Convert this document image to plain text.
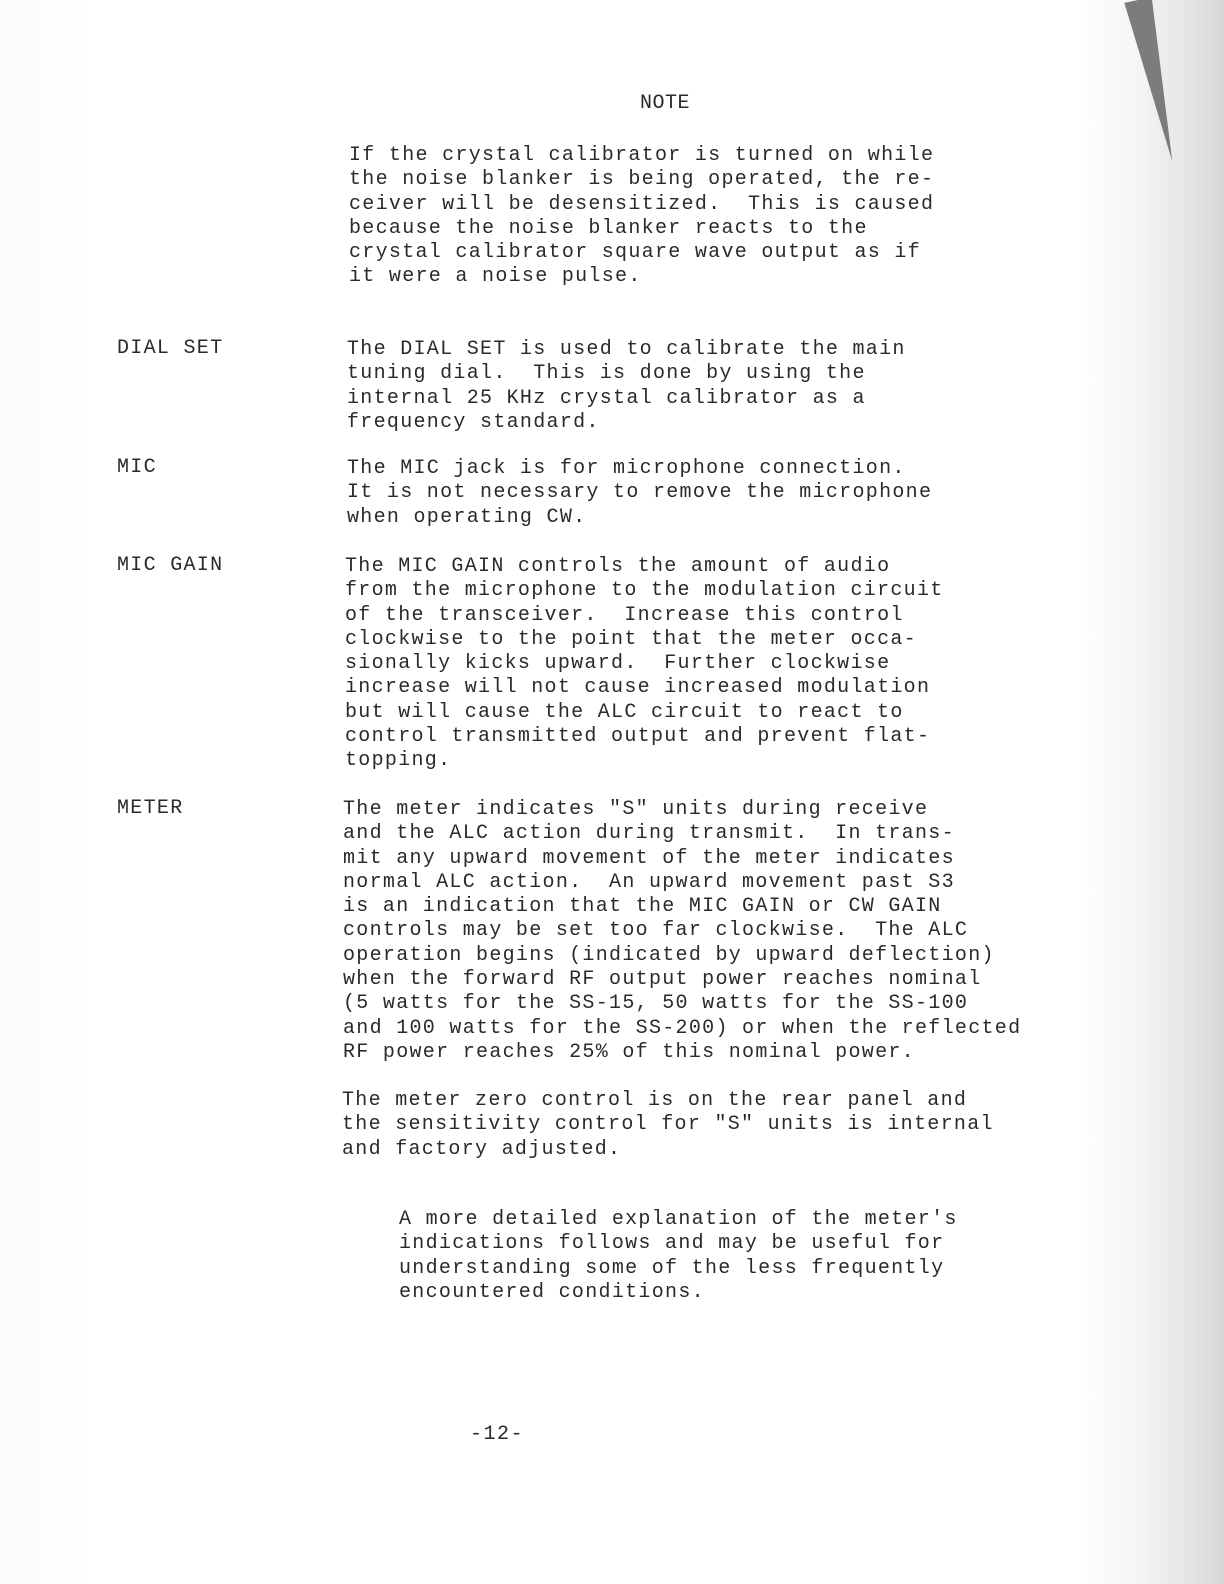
NOTE
If the crystal calibrator is turned on while
the noise blanker is being operated, the re-
ceiver will be desensitized.  This is caused
because the noise blanker reacts to the
crystal calibrator square wave output as if
it were a noise pulse.
DIAL SET	The DIAL SET is used to calibrate the main
tuning dial.  This is done by using the
internal 25 KHz crystal calibrator as a
frequency standard.
MIC	The MIC jack is for microphone connection.
It is not necessary to remove the microphone
when operating CW.
MIC GAIN	The MIC GAIN controls the amount of audio
from the microphone to the modulation circuit
of the transceiver.  Increase this control
clockwise to the point that the meter occa-
sionally kicks upward.  Further clockwise
increase will not cause increased modulation
but will cause the ALC circuit to react to
control transmitted output and prevent flat-
topping.
METER	The meter indicates "S" units during receive
and the ALC action during transmit.  In trans-
mit any upward movement of the meter indicates
normal ALC action.  An upward movement past S3
is an indication that the MIC GAIN or CW GAIN
controls may be set too far clockwise.  The ALC
operation begins (indicated by upward deflection)
when the forward RF output power reaches nominal
(5 watts for the SS-15, 50 watts for the SS-100
and 100 watts for the SS-200) or when the reflected
RF power reaches 25% of this nominal power.
The meter zero control is on the rear panel and
the sensitivity control for "S" units is internal
and factory adjusted.
A more detailed explanation of the meter's
indications follows and may be useful for
understanding some of the less frequently
encountered conditions.
-12-
